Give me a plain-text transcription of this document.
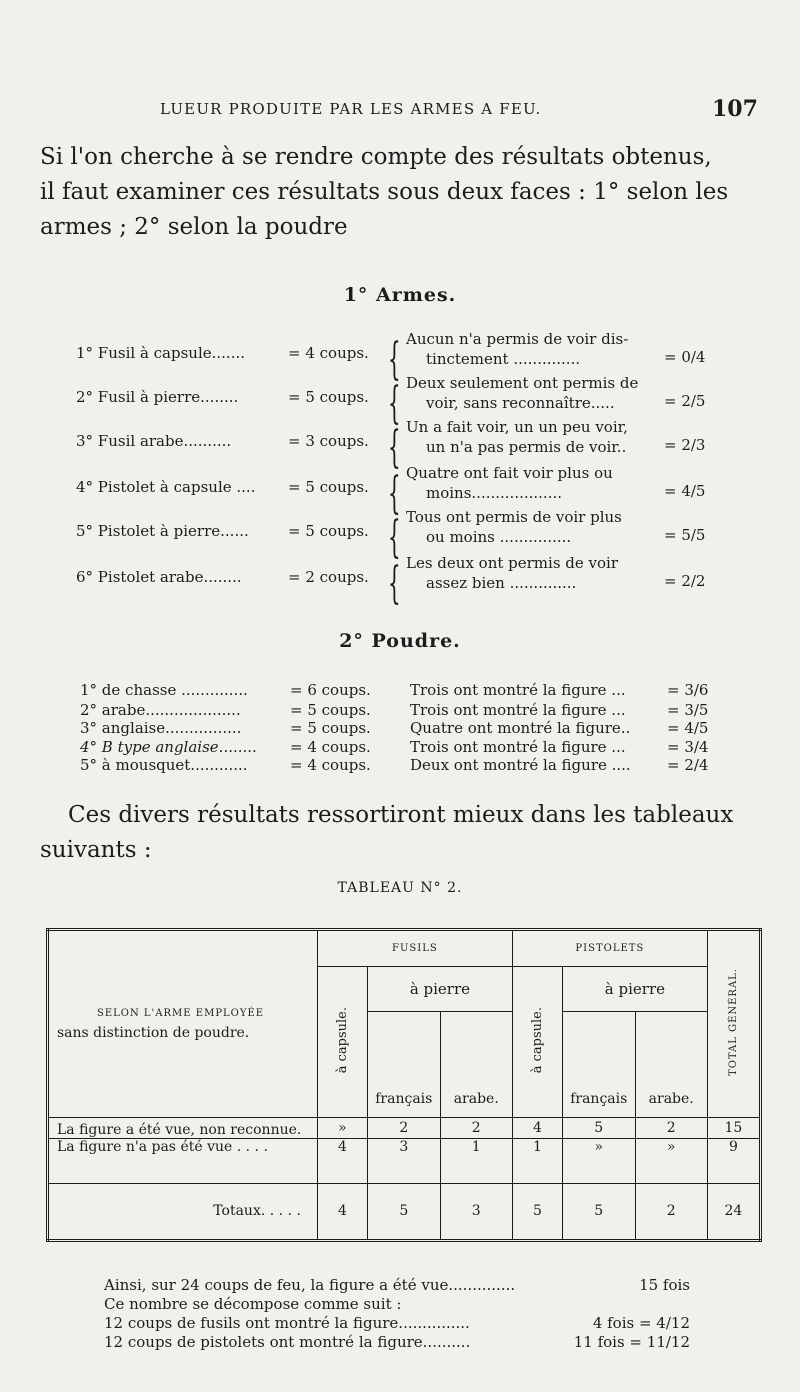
LUEUR PRODUITE PAR LES ARMES A FEU.	107
Si l'on cherche à se rendre compte des résultats obtenus,
il faut examiner ces résultats sous deux faces : 1° selon les
armes ; 2° selon la poudre
1° Armes.
1° Fusil à capsule.......	= 4 coups. { Aucun n'a permis de voir dis-
tinctement ..............	= 0/4
2° Fusil à pierre........	= 5 coups. { Deux seulement ont permis de
voir, sans reconnaître.....	= 2/5
3° Fusil arabe..........	= 3 coups. { Un a fait voir, un un peu voir,
un n'a pas permis de voir..	= 2/3
4° Pistolet à capsule .... = 5 coups. { Quatre ont fait voir plus ou
moins...................	= 4/5
5° Pistolet à pierre......	= 5 coups. { Tous ont permis de voir plus
ou moins ...............	= 5/5
6° Pistolet arabe........	= 2 coups. { Les deux ont permis de voir
assez bien ..............	= 2/2
2° Poudre.
1° de chasse ..............	= 6 coups.	Trois ont montré la figure ...	= 3/6
2° arabe....................	= 5 coups.	Trois ont montré la figure ...	= 3/5
3° anglaise................	= 5 coups.	Quatre ont montré la figure.. = 4/5
4° B type anglaise........ = 4 coups.	Trois ont montré la figure ...	= 3/4
5° à mousquet............	= 4 coups.	Deux ont montré la figure .... = 2/4
Ces divers résultats ressortiront mieux dans les tableaux
suivants :
TABLEAU N° 2.
SELON L'ARME EMPLOYÉE
sans distinction de poudre.	FUSILS			PISTOLETS			TOTAL GÉNÉRAL.
	à capsule.	à pierre		à capsule.	à pierre		
		français	arabe.		français	arabe.	
La figure a été vue, non reconnue.	»	2	2	4	5	2	15
La figure n'a pas été vue . . . .	4	3	1	1	»	»	9
Totaux. . . . .	4	5	3	5	5	2	24
Ainsi, sur 24 coups de feu, la figure a été vue..............	15 fois
Ce nombre se décompose comme suit :
12 coups de fusils ont montré la figure...............	4 fois = 4/12
12 coups de pistolets ont montré la figure..........	11 fois = 11/12
